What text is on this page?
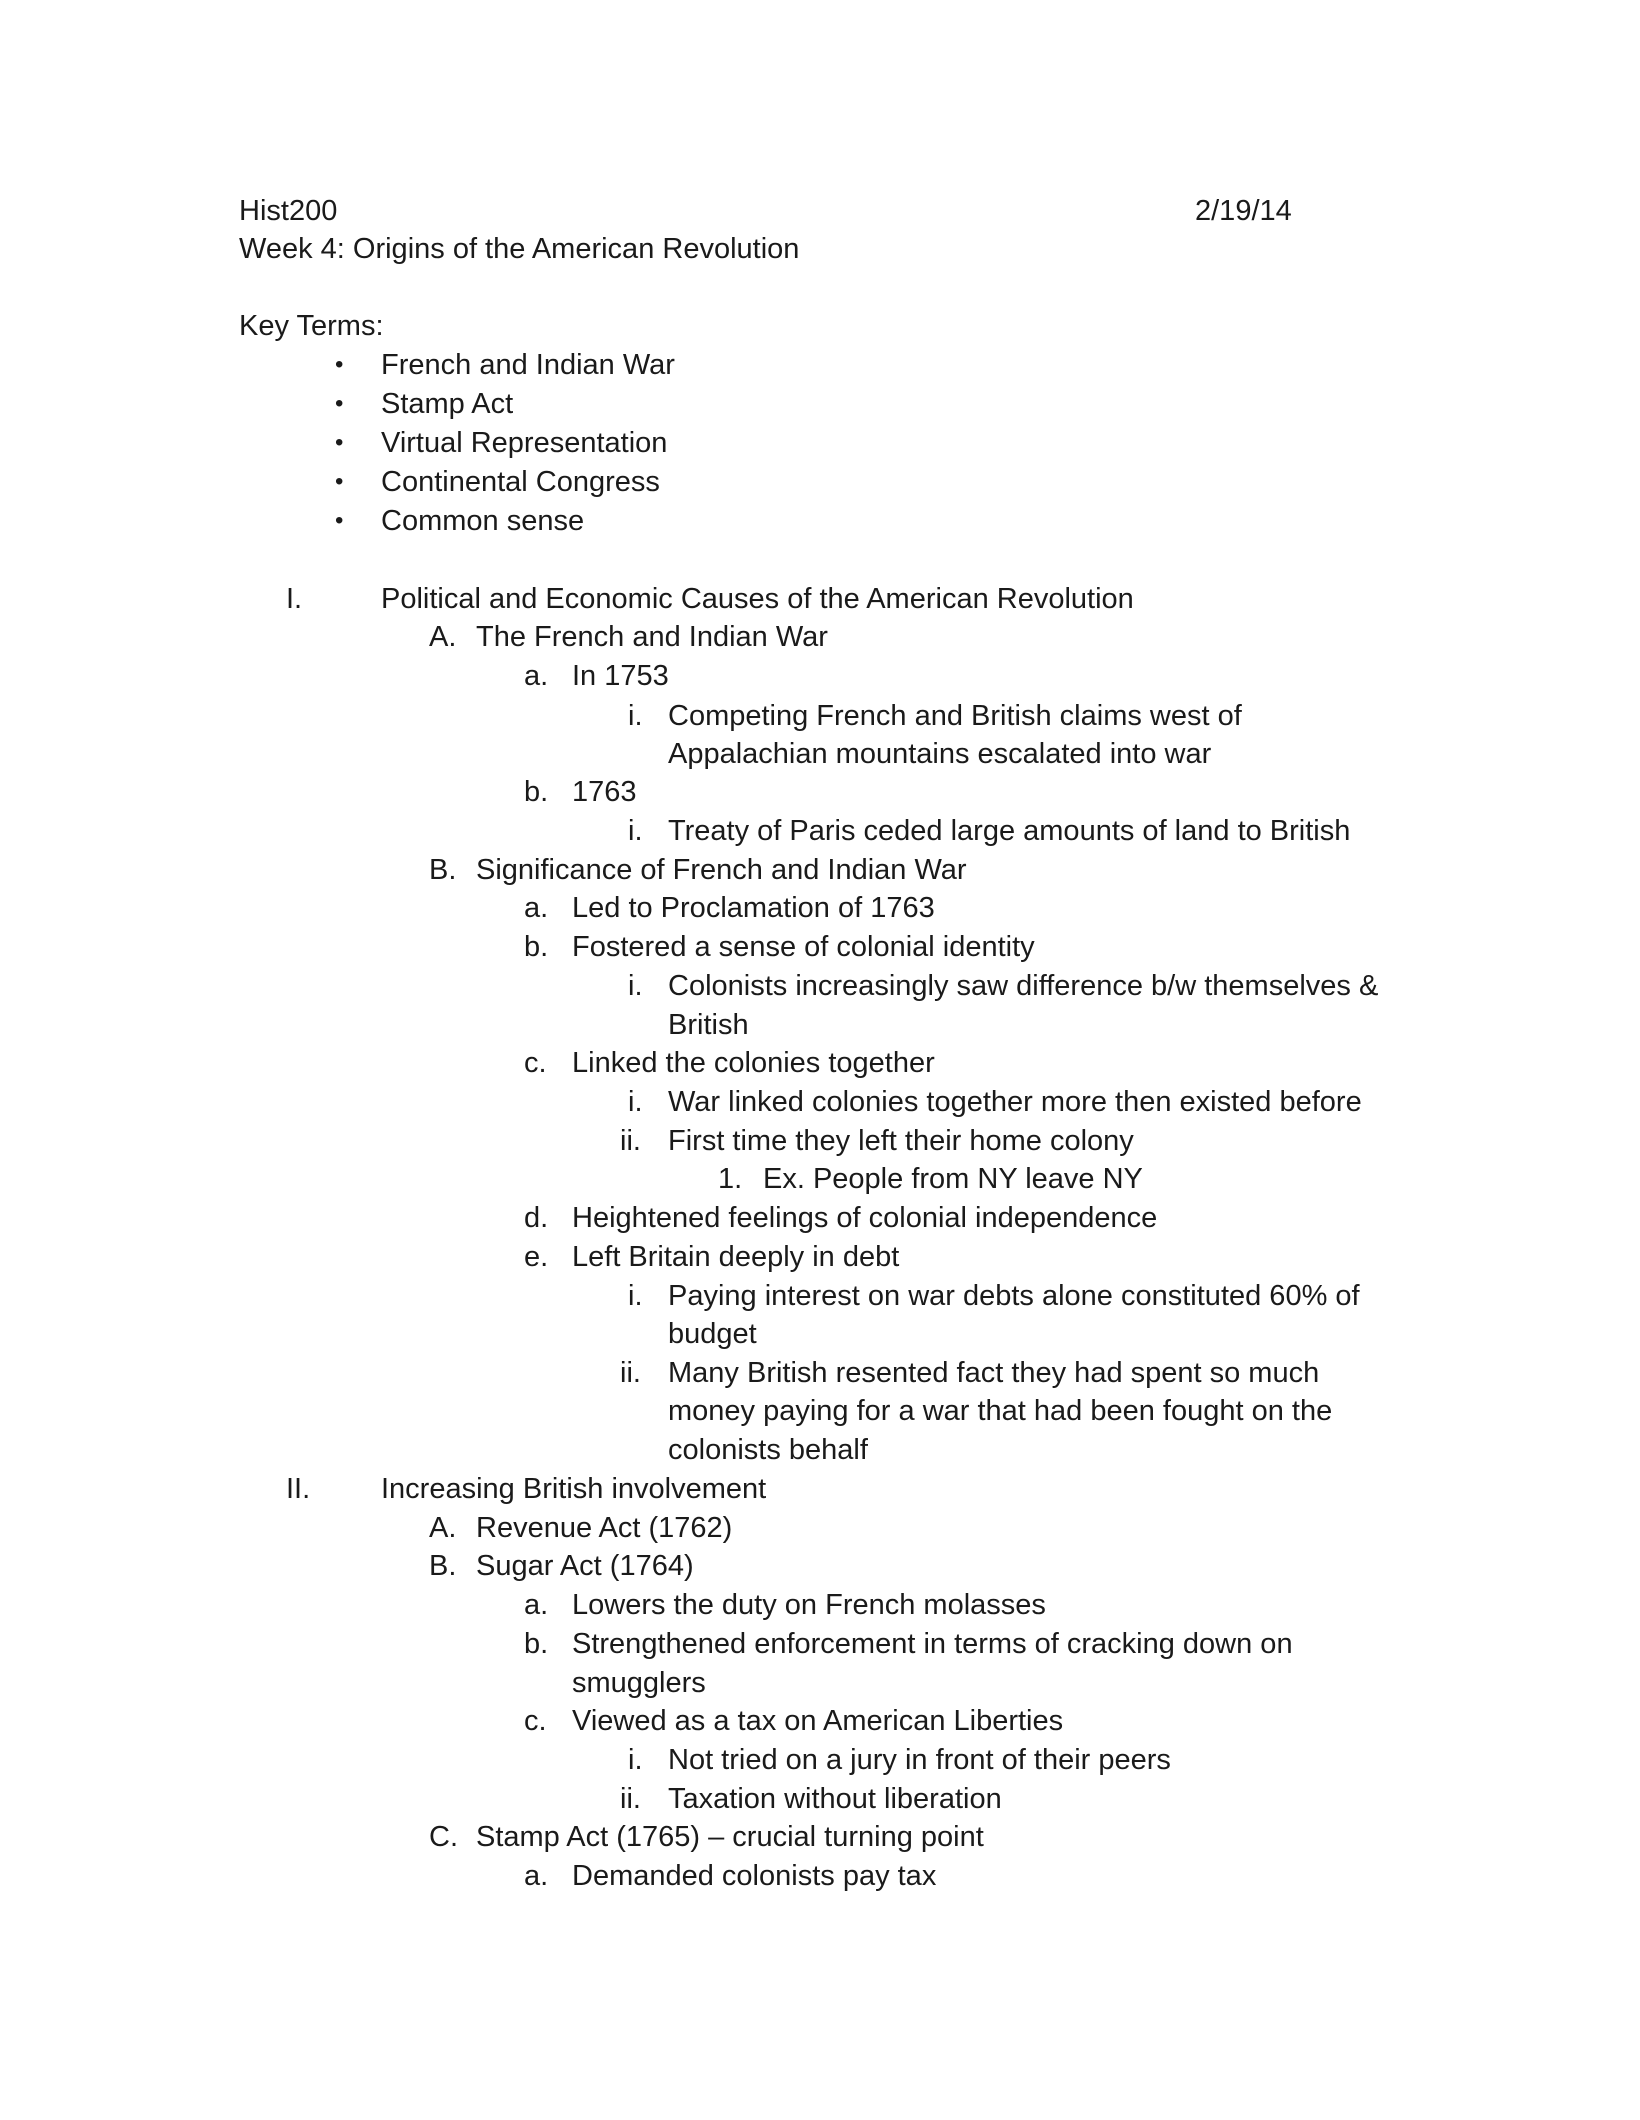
Hist200	2/19/14
Week 4: Origins of the American Revolution
Key Terms:
• French and Indian War
• Stamp Act
• Virtual Representation
• Continental Congress
• Common sense
I.	Political and Economic Causes of the American Revolution
A. The French and Indian War
a. In 1753
i. Competing French and British claims west of
Appalachian mountains escalated into war
b. 1763
i. Treaty of Paris ceded large amounts of land to British
B. Significance of French and Indian War
a. Led to Proclamation of 1763
b. Fostered a sense of colonial identity
i. Colonists increasingly saw difference b/w themselves &
British
c. Linked the colonies together
i. War linked colonies together more then existed before
ii. First time they left their home colony
1. Ex. People from NY leave NY
d. Heightened feelings of colonial independence
e. Left Britain deeply in debt
i. Paying interest on war debts alone constituted 60% of
budget
ii. Many British resented fact they had spent so much
money paying for a war that had been fought on the
colonists behalf
II. Increasing British involvement
A. Revenue Act (1762)
B. Sugar Act (1764)
a. Lowers the duty on French molasses
b. Strengthened enforcement in terms of cracking down on
smugglers
c. Viewed as a tax on American Liberties
i. Not tried on a jury in front of their peers
ii. Taxation without liberation
C. Stamp Act (1765) – crucial turning point
a. Demanded colonists pay tax
